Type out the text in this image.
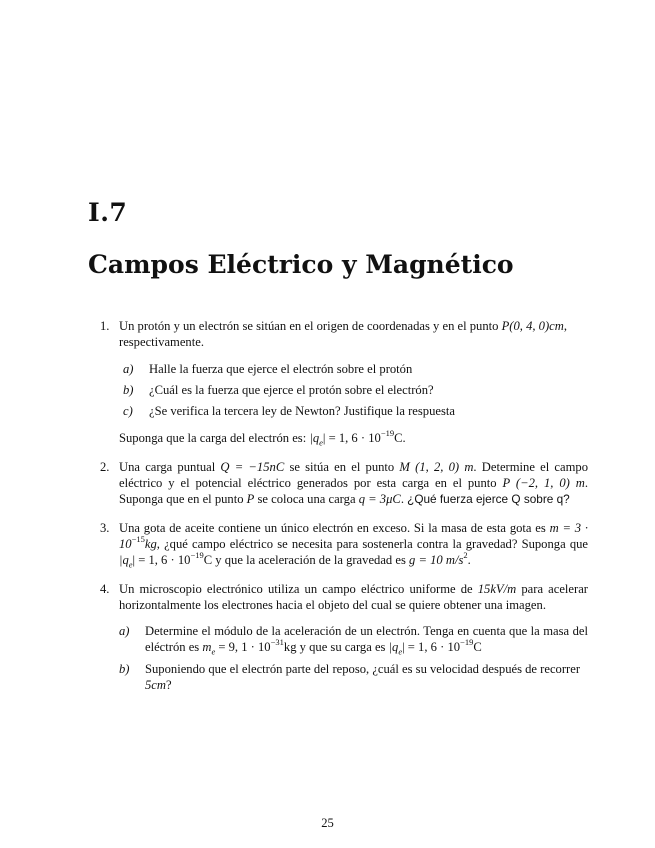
I.7
Campos Eléctrico y Magnético
1. Un protón y un electrón se sitúan en el origen de coordenadas y en el punto P(0, 4, 0)cm,
respectivamente.
a) Halle la fuerza que ejerce el electrón sobre el protón
b) ¿Cuál es la fuerza que ejerce el protón sobre el electrón?
c) ¿Se verifica la tercera ley de Newton? Justifique la respuesta
Suponga que la carga del electrón es: $|q_e| = 1$, $6 \cdot 10^{-19}C$.
2. Una carga puntual Q = −15nC se sitúa en el punto M (1, 2, 0) m. Determine el campo eléctrico y el potencial eléctrico generados por esta carga en el punto P (−2, 1, 0) m. Suponga que en el punto P se coloca una carga q = 3μC. ¿Qué fuerza ejerce Q sobre q?
3. Una gota de aceite contiene un único electrón en exceso. Si la masa de esta gota es $m = 3 \cdot 10^{-15}kg$, ¿qué campo eléctrico se necesita para sostenerla contra la gravedad? Suponga que $|q_e| = 1$, $6 \cdot 10^{-19}C$ y que la aceleración de la gravedad es g = 10 $m/s^2$.
4. Un microscopio electrónico utiliza un campo eléctrico uniforme de 15kV/m para acelerar horizontalmente los electrones hacia el objeto del cual se quiere obtener una imagen.
a) Determine el módulo de la aceleración de un electrón. Tenga en cuenta que la masa del eléctrón es $m_e = 9$, $1 \cdot 10^{-31}kg$ y que su carga es $|q_e| = 1$, $6 \cdot 10^{-19}C$
b) Suponiendo que el electrón parte del reposo, ¿cuál es su velocidad después de recorrer 5cm?
25
